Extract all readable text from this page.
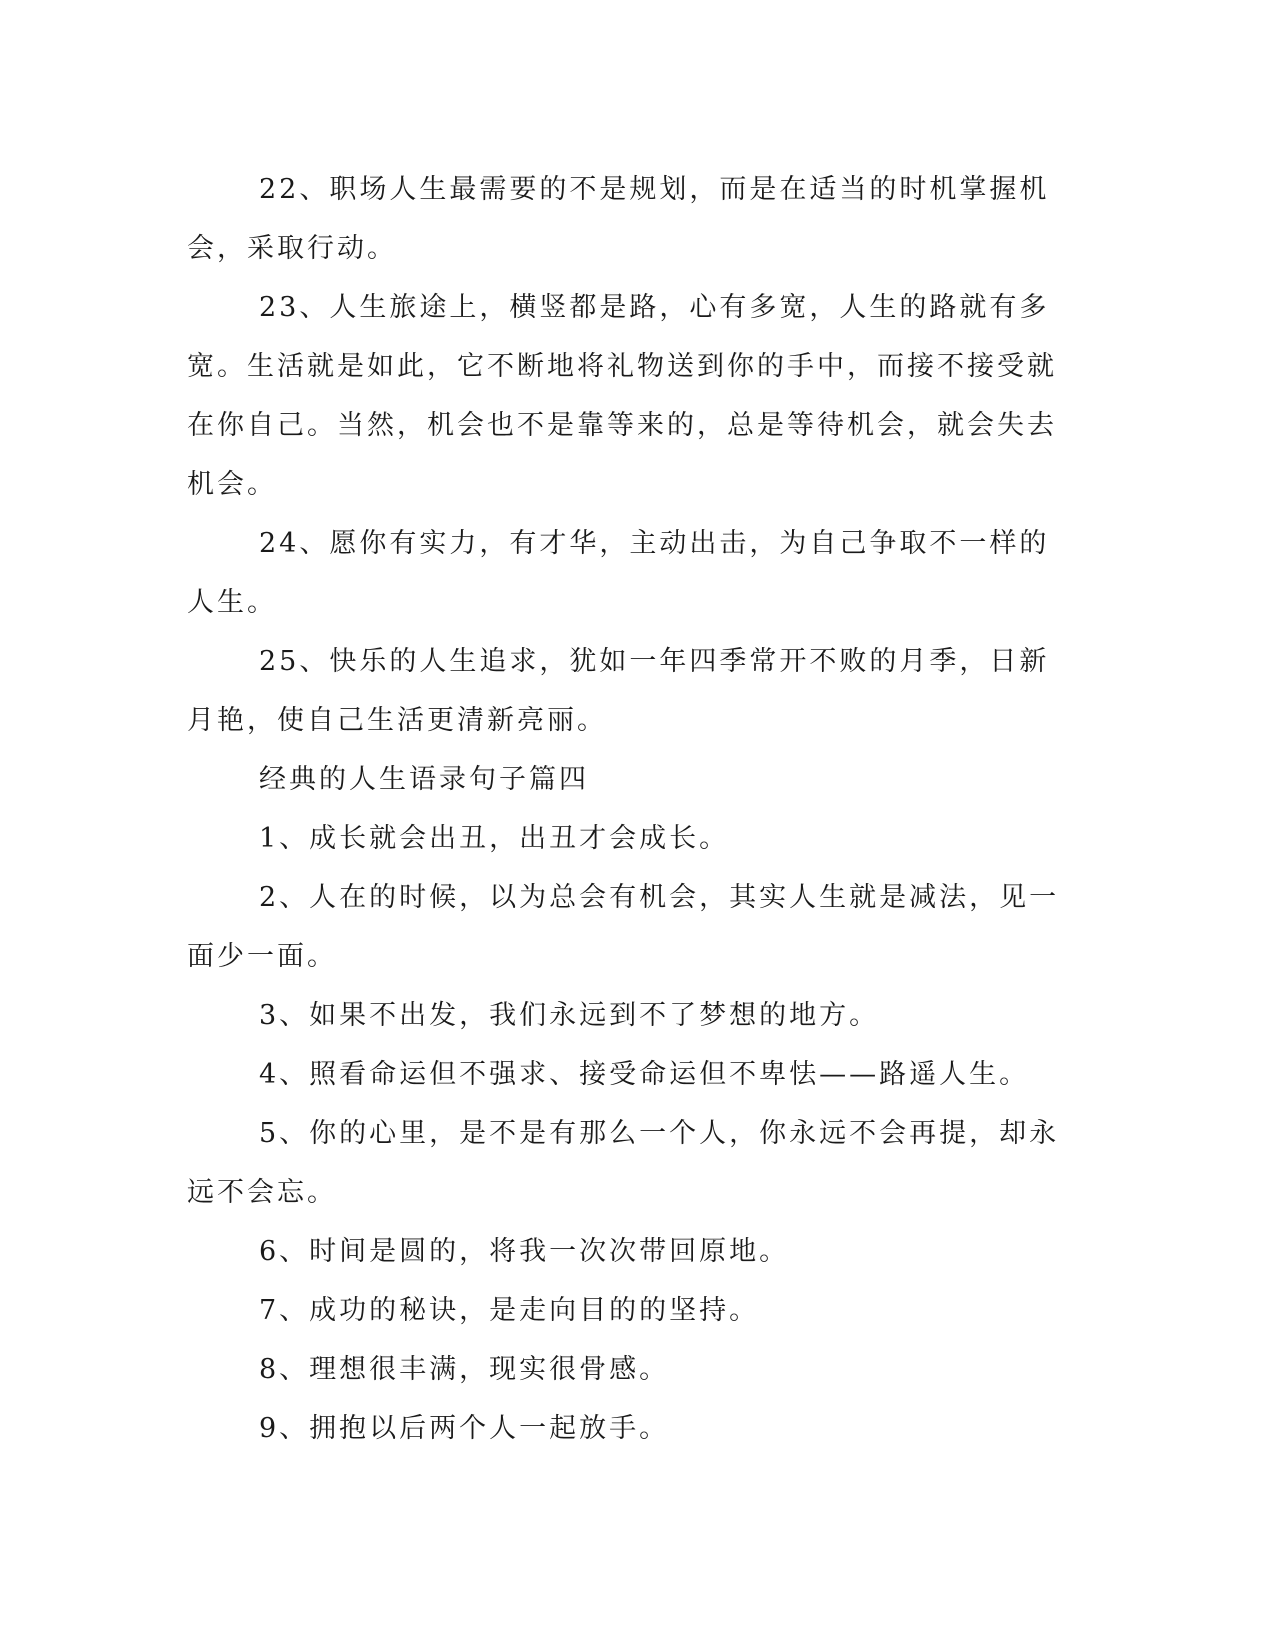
22、职场人生最需要的不是规划，而是在适当的时机掌握机会，采取行动。

23、人生旅途上，横竖都是路，心有多宽，人生的路就有多宽。生活就是如此，它不断地将礼物送到你的手中，而接不接受就在你自己。当然，机会也不是靠等来的，总是等待机会，就会失去机会。

24、愿你有实力，有才华，主动出击，为自己争取不一样的人生。

25、快乐的人生追求，犹如一年四季常开不败的月季，日新月艳，使自己生活更清新亮丽。

经典的人生语录句子篇四

1、成长就会出丑，出丑才会成长。

2、人在的时候，以为总会有机会，其实人生就是减法，见一面少一面。

3、如果不出发，我们永远到不了梦想的地方。

4、照看命运但不强求、接受命运但不卑怯——路遥人生。

5、你的心里，是不是有那么一个人，你永远不会再提，却永远不会忘。

6、时间是圆的，将我一次次带回原地。

7、成功的秘诀，是走向目的的坚持。

8、理想很丰满，现实很骨感。

9、拥抱以后两个人一起放手。
